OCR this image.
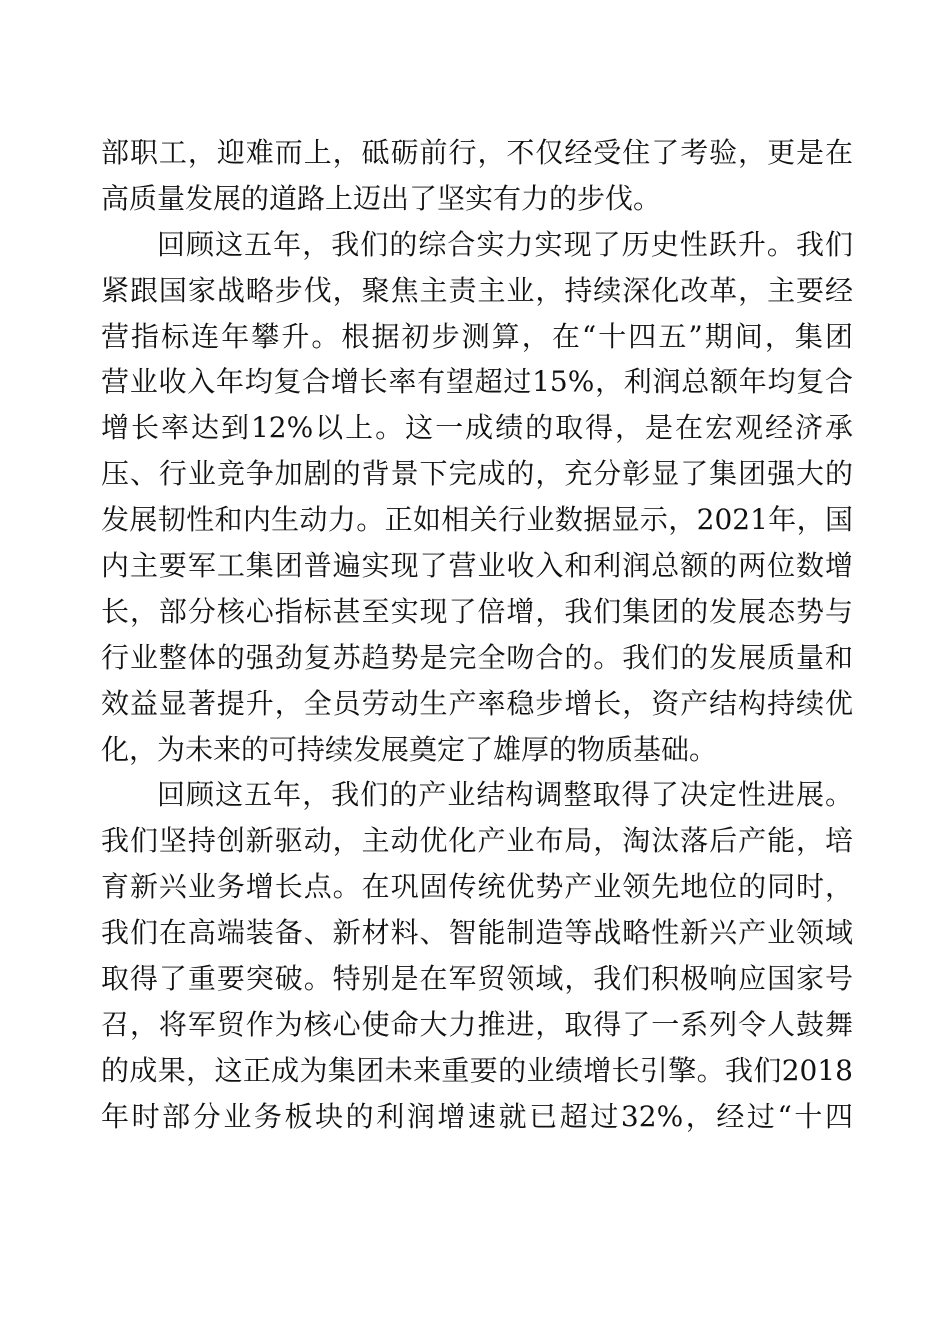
部职工，迎难而上，砥砺前行，不仅经受住了考验，更是在
高质量发展的道路上迈出了坚实有力的步伐。
回顾这五年，我们的综合实力实现了历史性跃升。我们
紧跟国家战略步伐，聚焦主责主业，持续深化改革，主要经
营指标连年攀升。根据初步测算，在“十四五”期间，集团
营业收入年均复合增长率有望超过15%，利润总额年均复合
增长率达到12%以上。这一成绩的取得，是在宏观经济承
压、行业竞争加剧的背景下完成的，充分彰显了集团强大的
发展韧性和内生动力。正如相关行业数据显示，2021年，国
内主要军工集团普遍实现了营业收入和利润总额的两位数增
长，部分核心指标甚至实现了倍增，我们集团的发展态势与
行业整体的强劲复苏趋势是完全吻合的。我们的发展质量和
效益显著提升，全员劳动生产率稳步增长，资产结构持续优
化，为未来的可持续发展奠定了雄厚的物质基础。
回顾这五年，我们的产业结构调整取得了决定性进展。
我们坚持创新驱动，主动优化产业布局，淘汰落后产能，培
育新兴业务增长点。在巩固传统优势产业领先地位的同时，
我们在高端装备、新材料、智能制造等战略性新兴产业领域
取得了重要突破。特别是在军贸领域，我们积极响应国家号
召，将军贸作为核心使命大力推进，取得了一系列令人鼓舞
的成果，这正成为集团未来重要的业绩增长引擎。我们2018
年时部分业务板块的利润增速就已超过32%，经过“十四
